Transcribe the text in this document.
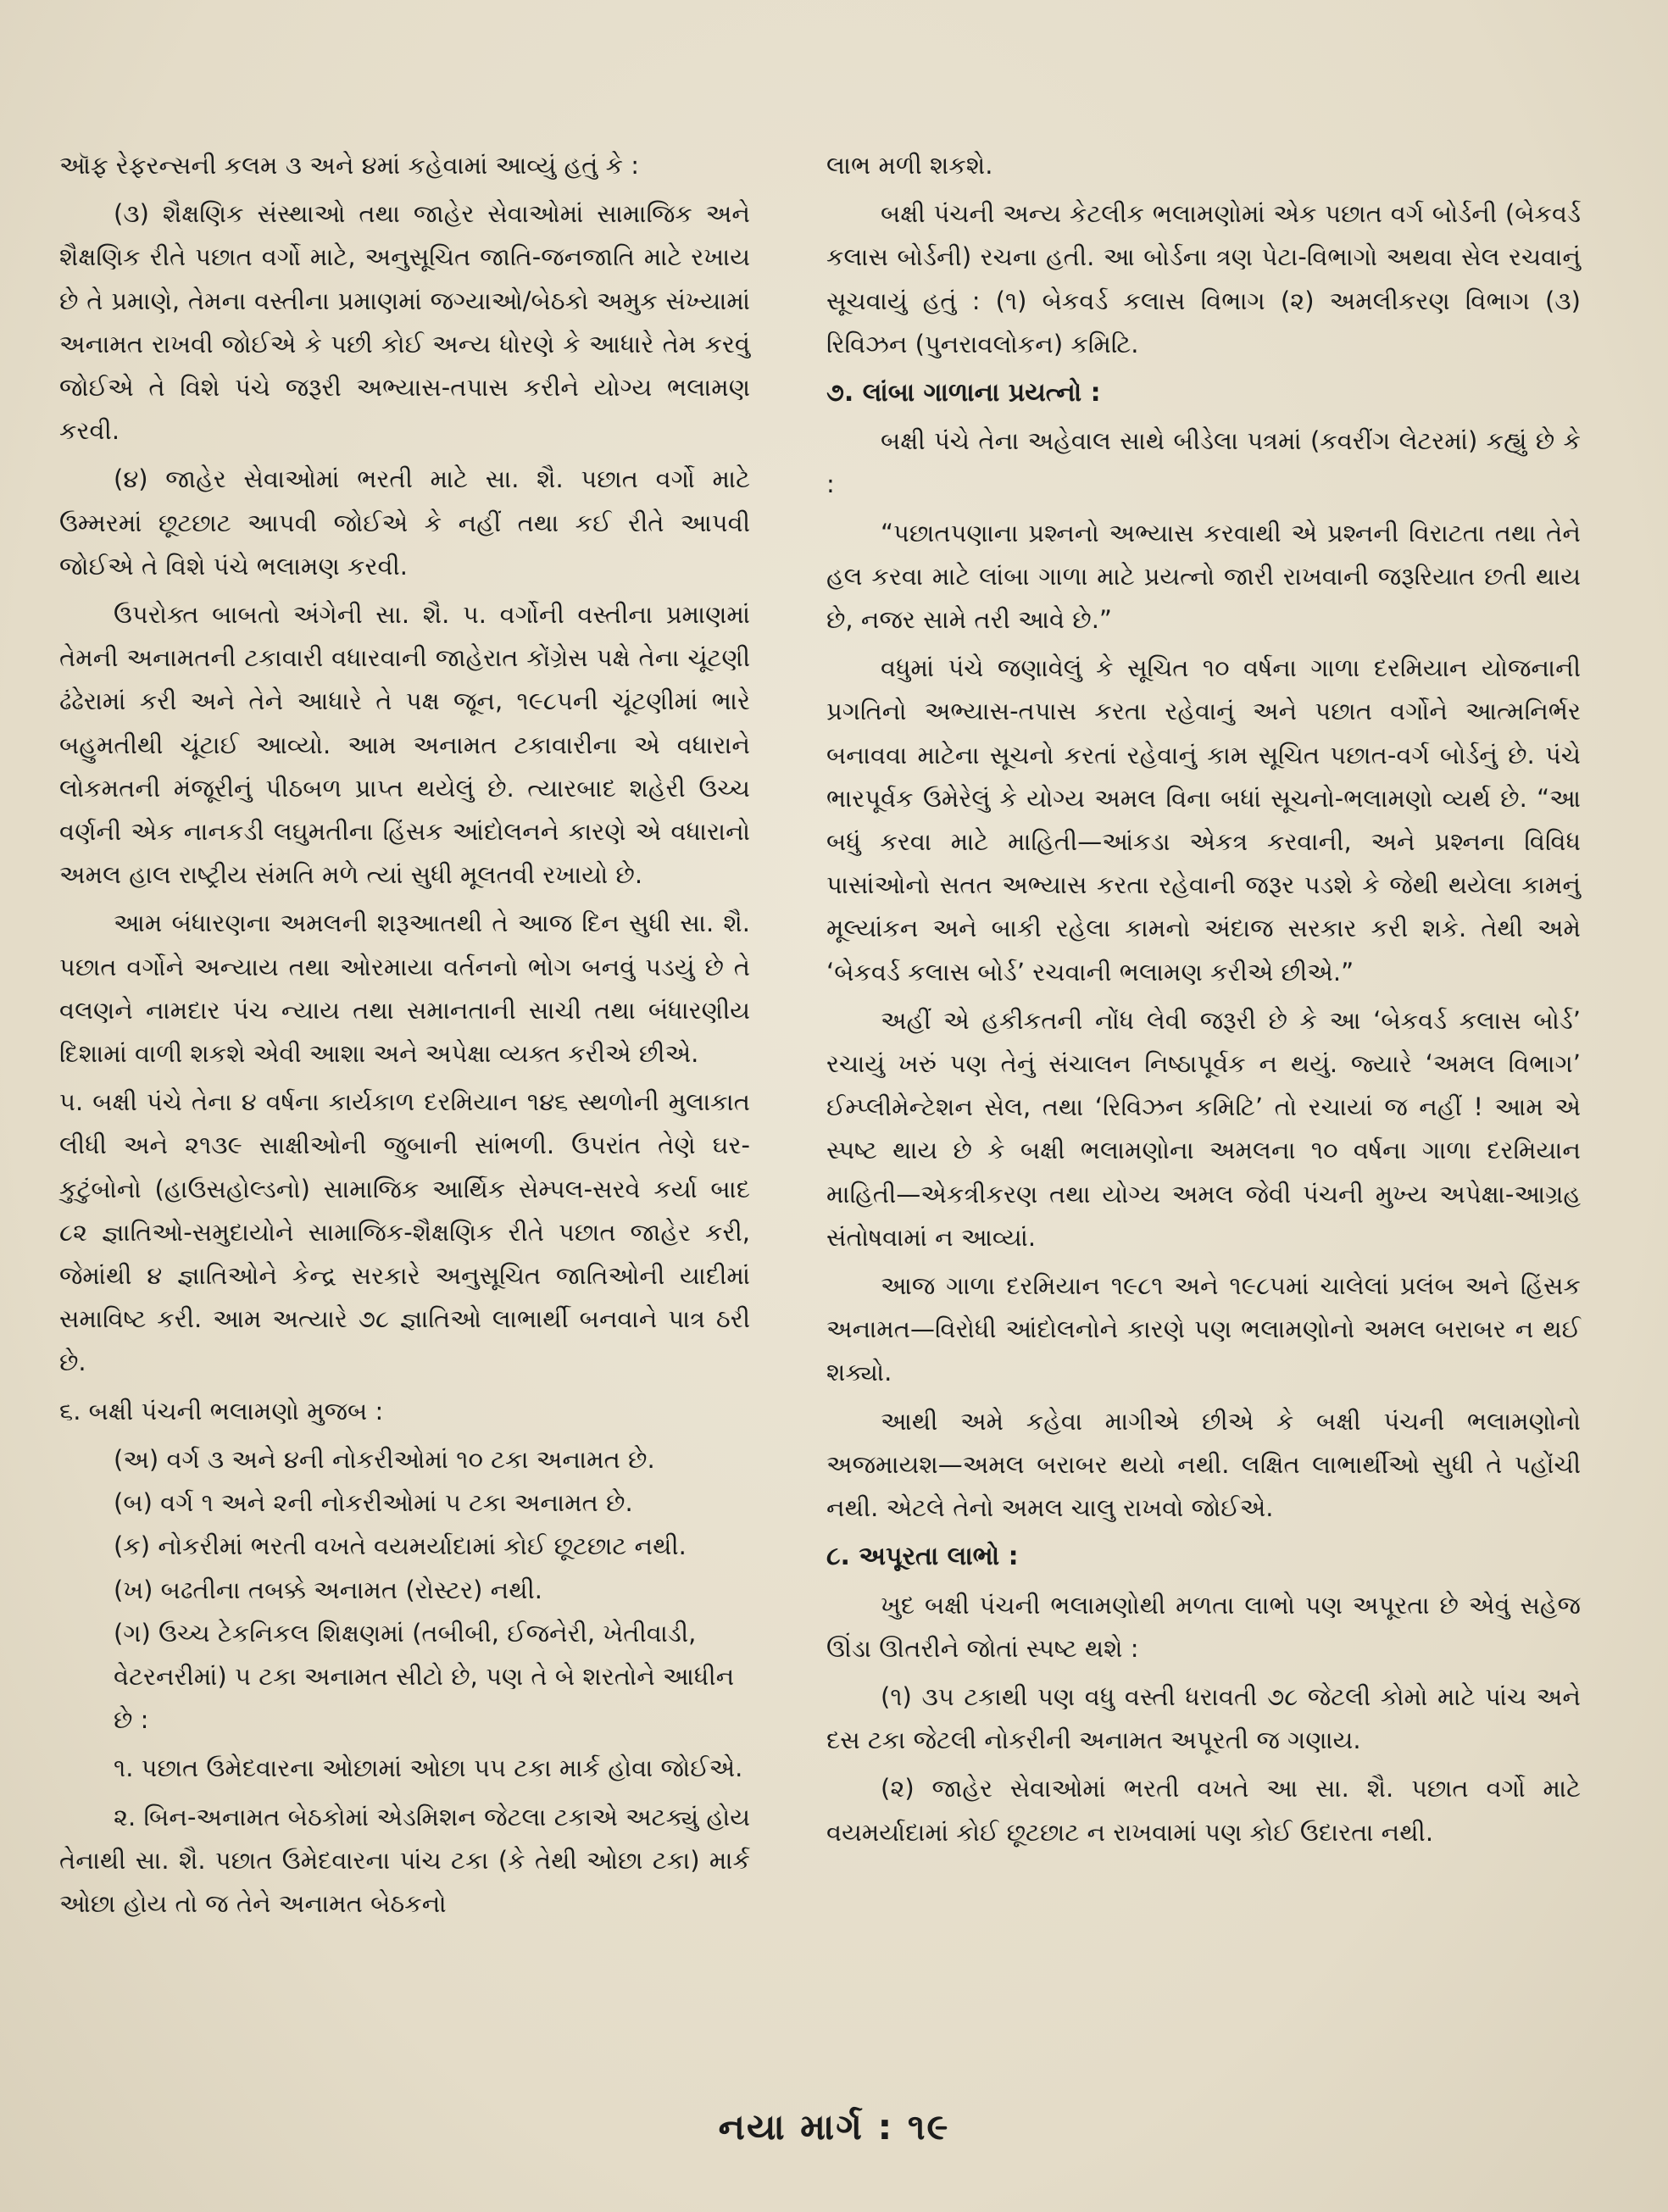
ઑફ રેફરન્સની કલમ ૩ અને ૪માં કહેવામાં આવ્યું હતું કે :

(૩) શૈક્ષણિક સંસ્થાઓ તથા જાહેર સેવાઓમાં સામાજિક અને શૈક્ષણિક રીતે પછાત વર્ગો માટે, અનુસૂચિત જાતિ-જનજાતિ માટે રખાય છે તે પ્રમાણે, તેમના વસ્તીના પ્રમાણમાં જગ્યાઓ/બેઠકો અમુક સંખ્યામાં અનામત રાખવી જોઈએ કે પછી કોઈ અન્ય ધોરણે કે આધારે તેમ કરવું જોઈએ તે વિશે પંચે જરૂરી અભ્યાસ-તપાસ કરીને યોગ્ય ભલામણ કરવી.

(૪) જાહેર સેવાઓમાં ભરતી માટે સા. શૈ. પછાત વર્ગો માટે ઉમ્મરમાં છૂટછાટ આપવી જોઈએ કે નહીં તથા કઈ રીતે આપવી જોઈએ તે વિશે પંચે ભલામણ કરવી.

ઉપરોક્ત બાબતો અંગેની સા. શૈ. પ. વર્ગોની વસ્તીના પ્રમાણમાં તેમની અનામતની ટકાવારી વધારવાની જાહેરાત કોંગ્રેસ પક્ષે તેના ચૂંટણી ઢંઢેરામાં કરી અને તેને આધારે તે પક્ષ જૂન, ૧૯૮૫ની ચૂંટણીમાં ભારે બહુમતીથી ચૂંટાઈ આવ્યો. આમ અનામત ટકાવારીના એ વધારાને લોકમતની મંજૂરીનું પીઠબળ પ્રાપ્ત થયેલું છે. ત્યારબાદ શહેરી ઉચ્ચ વર્ણની એક નાનકડી લઘુમતીના હિંસક આંદોલનને કારણે એ વધારાનો અમલ હાલ રાષ્ટ્રીય સંમતિ મળે ત્યાં સુધી મૂલતવી રખાયો છે.

આમ બંધારણના અમલની શરૂઆતથી તે આજ દિન સુધી સા. શૈ. પછાત વર્ગોને અન્યાય તથા ઓરમાયા વર્તનનો ભોગ બનવું પડયું છે તે વલણને નામદાર પંચ ન્યાય તથા સમાનતાની સાચી તથા બંધારણીય દિશામાં વાળી શકશે એવી આશા અને અપેક્ષા વ્યક્ત કરીએ છીએ.

૫. બક્ષી પંચે તેના ૪ વર્ષના કાર્યકાળ દરમિયાન ૧૪૬ સ્થળોની મુલાકાત લીધી અને ૨૧૩૯ સાક્ષીઓની જુબાની સાંભળી. ઉપરાંત તેણે ઘર-કુટુંબોનો (હાઉસહોલ્ડનો) સામાજિક આર્થિક સેમ્પલ-સરવે કર્યા બાદ ૮૨ જ્ઞાતિઓ-સમુદાયોને સામાજિક-શૈક્ષણિક રીતે પછાત જાહેર કરી, જેમાંથી ૪ જ્ઞાતિઓને કેન્દ્ર સરકારે અનુસૂચિત જાતિઓની યાદીમાં સમાવિષ્ટ કરી. આમ અત્યારે ૭૮ જ્ઞાતિઓ લાભાર્થી બનવાને પાત્ર ઠરી છે.

૬. બક્ષી પંચની ભલામણો મુજબ :

(અ) વર્ગ ૩ અને ૪ની નોકરીઓમાં ૧૦ ટકા અનામત છે.
(બ) વર્ગ ૧ અને ૨ની નોકરીઓમાં ૫ ટકા અનામત છે.
(ક) નોકરીમાં ભરતી વખતે વયમર્યાદામાં કોઈ છૂટછાટ નથી.
(ખ) બઢતીના તબક્કે અનામત (રોસ્ટર) નથી.
(ગ) ઉચ્ચ ટેકનિકલ શિક્ષણમાં (તબીબી, ઈજનેરી, ખેતીવાડી, વેટરનરીમાં) ૫ ટકા અનામત સીટો છે, પણ તે બે શરતોને આધીન છે :

૧. પછાત ઉમેદવારના ઓછામાં ઓછા ૫૫ ટકા માર્ક હોવા જોઈએ.

૨. બિન-અનામત બેઠકોમાં એડમિશન જેટલા ટકાએ અટક્યું હોય તેનાથી સા. શૈ. પછાત ઉમેદવારના પાંચ ટકા (કે તેથી ઓછા ટકા) માર્ક ઓછા હોય તો જ તેને અનામત બેઠકનો

લાભ મળી શકશે.

બક્ષી પંચની અન્ય કેટલીક ભલામણોમાં એક પછાત વર્ગ બોર્ડની (બેકવર્ડ કલાસ બોર્ડની) રચના હતી. આ બોર્ડના ત્રણ પેટા-વિભાગો અથવા સેલ રચવાનું સૂચવાયું હતું : (૧) બેકવર્ડ કલાસ વિભાગ (૨) અમલીકરણ વિભાગ (૩) રિવિઝન (પુનરાવલોકન) કમિટિ.

૭. લાંબા ગાળાના પ્રયત્નો :

બક્ષી પંચે તેના અહેવાલ સાથે બીડેલા પત્રમાં (કવરીંગ લેટરમાં) કહ્યું છે કે :

“પછાતપણાના પ્રશ્નનો અભ્યાસ કરવાથી એ પ્રશ્નની વિરાટતા તથા તેને હલ કરવા માટે લાંબા ગાળા માટે પ્રયત્નો જારી રાખવાની જરૂરિયાત છતી થાય છે, નજર સામે તરી આવે છે.”

વધુમાં પંચે જણાવેલું કે સૂચિત ૧૦ વર્ષના ગાળા દરમિયાન યોજનાની પ્રગતિનો અભ્યાસ-તપાસ કરતા રહેવાનું અને પછાત વર્ગોને આત્મનિર્ભર બનાવવા માટેના સૂચનો કરતાં રહેવાનું કામ સૂચિત પછાત-વર્ગ બોર્ડનું છે. પંચે ભારપૂર્વક ઉમેરેલું કે યોગ્ય અમલ વિના બધાં સૂચનો-ભલામણો વ્યર્થ છે. “આ બધું કરવા માટે માહિતી—આંકડા એકત્ર કરવાની, અને પ્રશ્નના વિવિધ પાસાંઓનો સતત અભ્યાસ કરતા રહેવાની જરૂર પડશે કે જેથી થયેલા કામનું મૂલ્યાંકન અને બાકી રહેલા કામનો અંદાજ સરકાર કરી શકે. તેથી અમે ‘બેકવર્ડ કલાસ બોર્ડ’ રચવાની ભલામણ કરીએ છીએ.”

અહીં એ હકીકતની નોંધ લેવી જરૂરી છે કે આ ‘બેકવર્ડ કલાસ બોર્ડ’ રચાયું ખરું પણ તેનું સંચાલન નિષ્ઠાપૂર્વક ન થયું. જ્યારે ‘અમલ વિભાગ’ ઈમ્પ્લીમેન્ટેશન સેલ, તથા ‘રિવિઝન કમિટિ’ તો રચાયાં જ નહીં ! આમ એ સ્પષ્ટ થાય છે કે બક્ષી ભલામણોના અમલના ૧૦ વર્ષના ગાળા દરમિયાન માહિતી—એકત્રીકરણ તથા યોગ્ય અમલ જેવી પંચની મુખ્ય અપેક્ષા-આગ્રહ સંતોષવામાં ન આવ્યાં.

આજ ગાળા દરમિયાન ૧૯૮૧ અને ૧૯૮૫માં ચાલેલાં પ્રલંબ અને હિંસક અનામત—વિરોધી આંદોલનોને કારણે પણ ભલામણોનો અમલ બરાબર ન થઈ શક્યો.

આથી અમે કહેવા માગીએ છીએ કે બક્ષી પંચની ભલામણોનો અજમાયશ—અમલ બરાબર થયો નથી. લક્ષિત લાભાર્થીઓ સુધી તે પહોંચી નથી. એટલે તેનો અમલ ચાલુ રાખવો જોઈએ.

૮. અપૂરતા લાભો :

ખુદ બક્ષી પંચની ભલામણોથી મળતા લાભો પણ અપૂરતા છે એવું સહેજ ઊંડા ઊતરીને જોતાં સ્પષ્ટ થશે :

(૧) ૩૫ ટકાથી પણ વધુ વસ્તી ધરાવતી ૭૮ જેટલી કોમો માટે પાંચ અને દસ ટકા જેટલી નોકરીની અનામત અપૂરતી જ ગણાય.

(૨) જાહેર સેવાઓમાં ભરતી વખતે આ સા. શૈ. પછાત વર્ગો માટે વયમર્યાદામાં કોઈ છૂટછાટ ન રાખવામાં પણ કોઈ ઉદારતા નથી.

નયા માર્ગ : ૧૯
